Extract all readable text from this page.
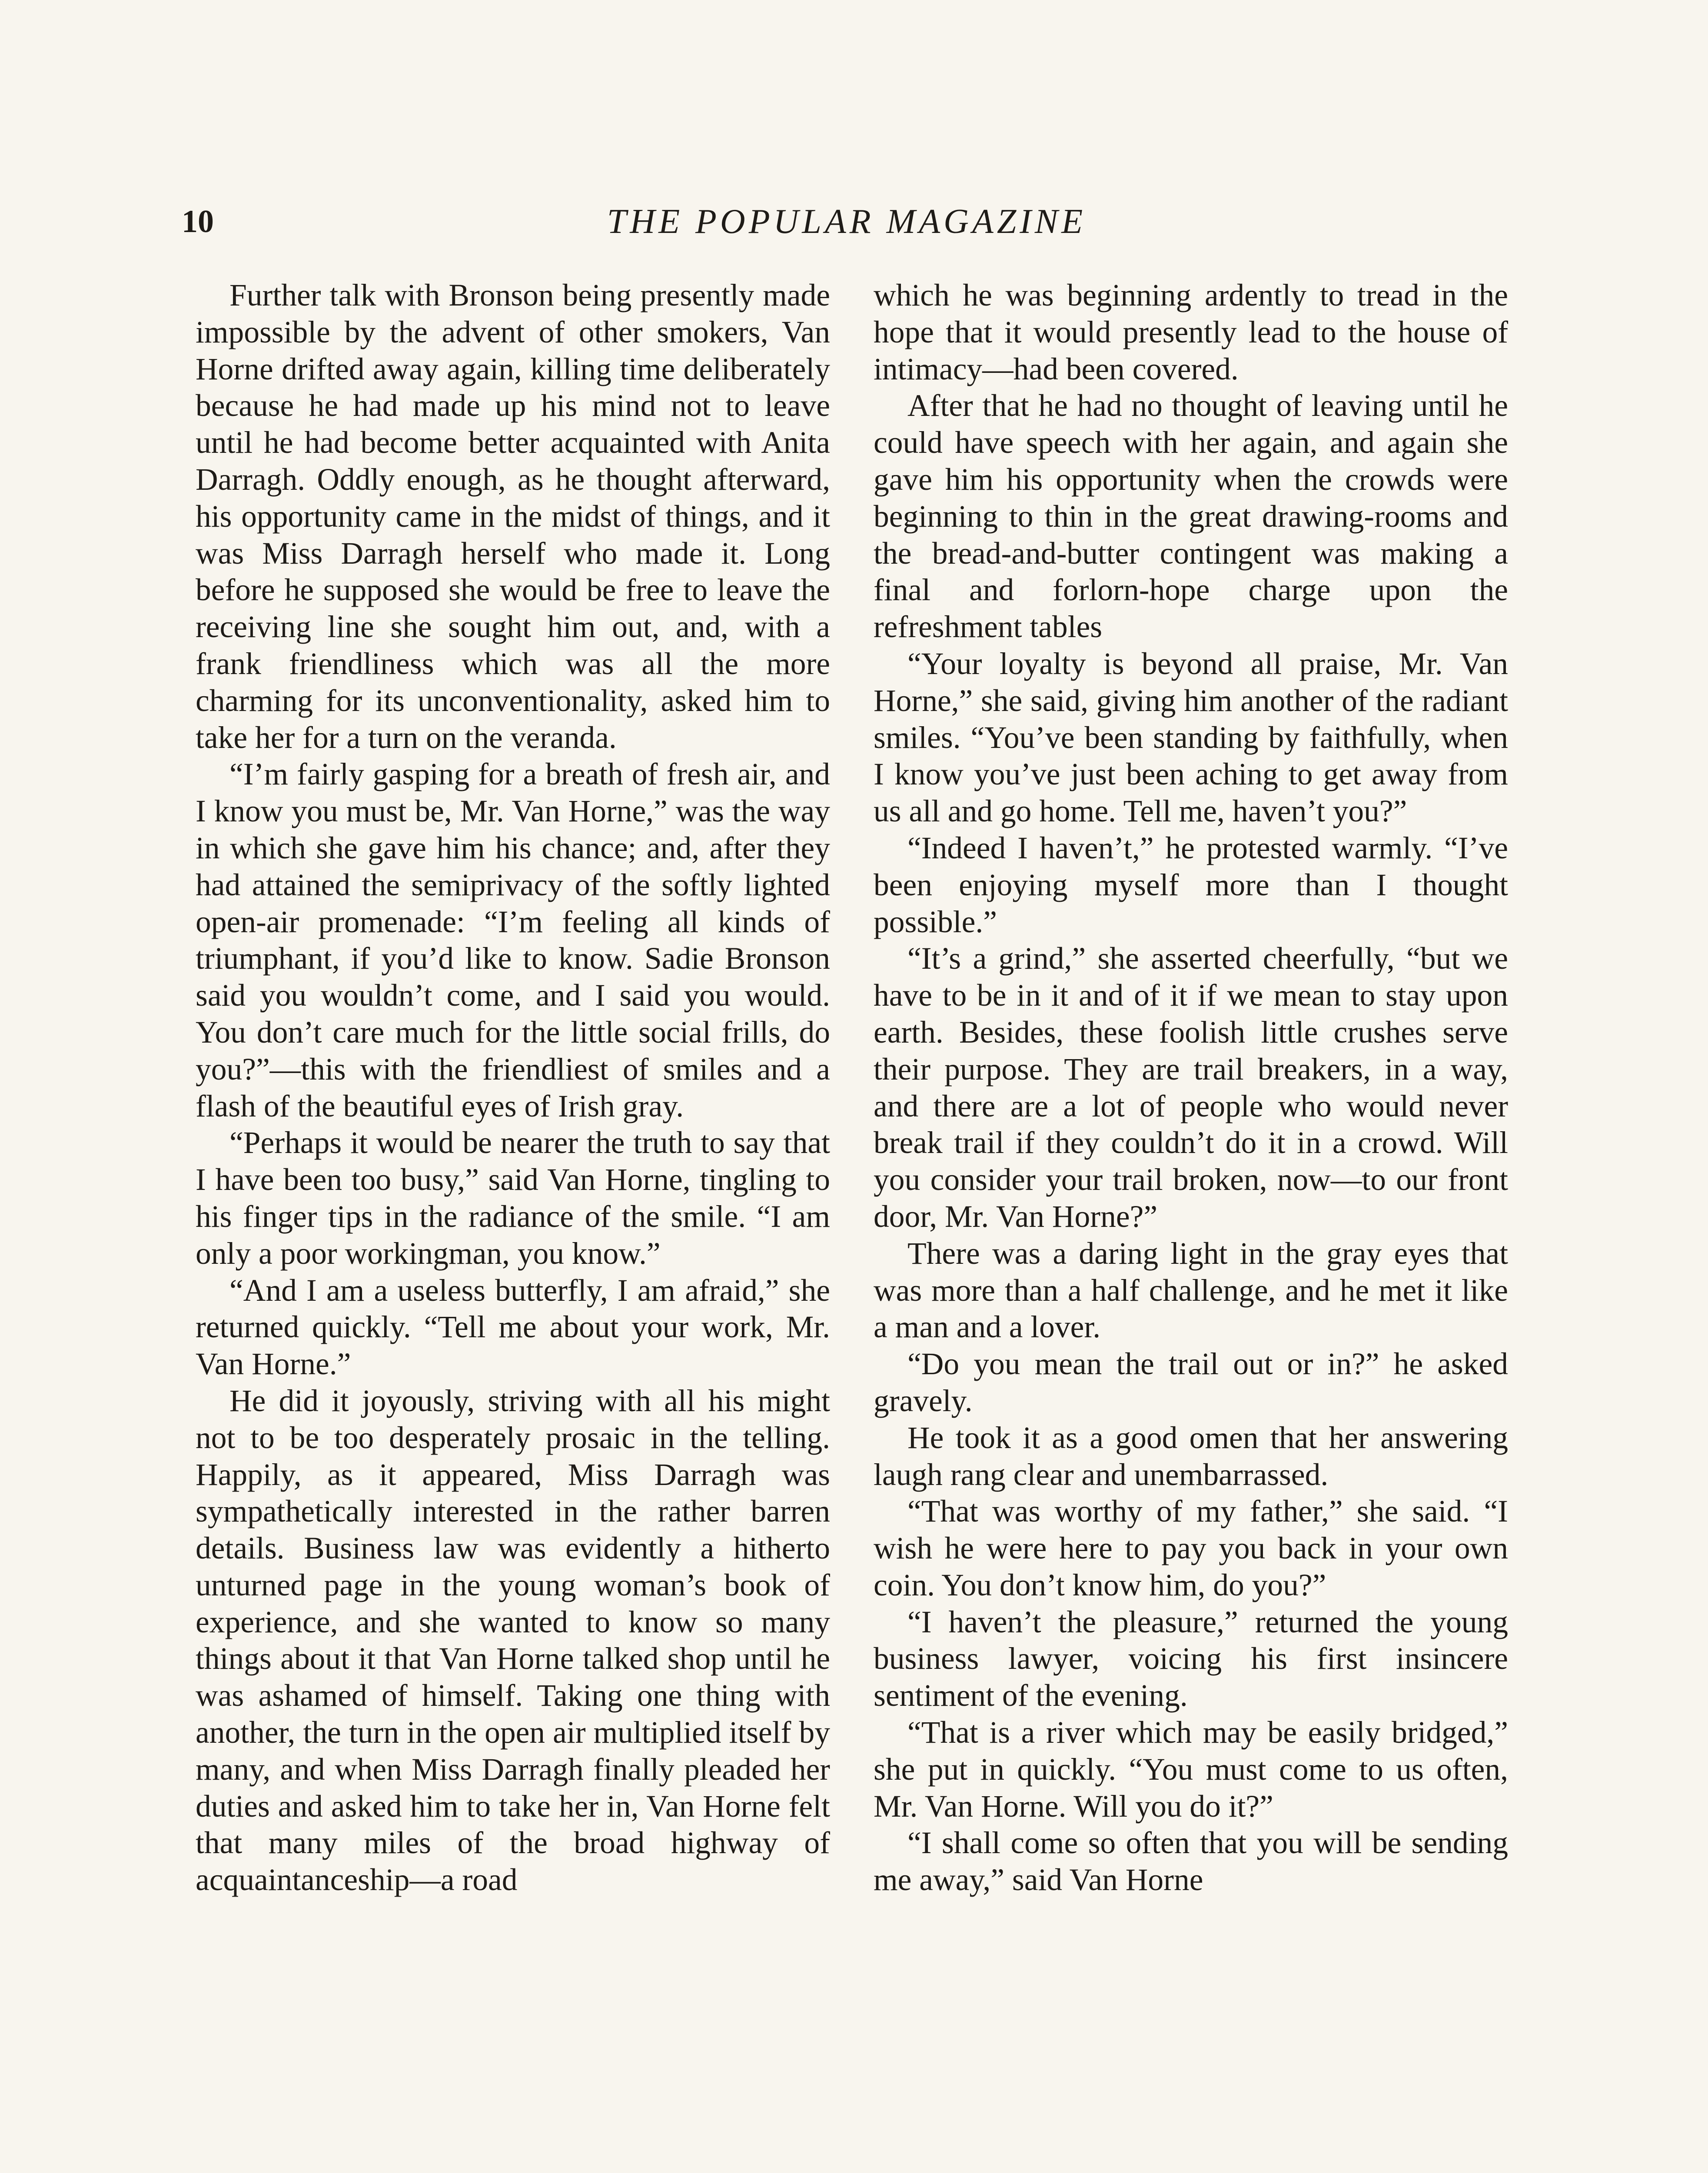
10	THE POPULAR MAGAZINE

Further talk with Bronson being presently made impossible by the advent of other smokers, Van Horne drifted away again, killing time deliberately because he had made up his mind not to leave until he had become better acquainted with Anita Darragh. Oddly enough, as he thought afterward, his opportunity came in the midst of things, and it was Miss Darragh herself who made it. Long before he supposed she would be free to leave the receiving line she sought him out, and, with a frank friendliness which was all the more charming for its unconventionality, asked him to take her for a turn on the veranda.

“I’m fairly gasping for a breath of fresh air, and I know you must be, Mr. Van Horne,” was the way in which she gave him his chance; and, after they had attained the semiprivacy of the softly lighted open-air promenade: “I’m feeling all kinds of triumphant, if you’d like to know. Sadie Bronson said you wouldn’t come, and I said you would. You don’t care much for the little social frills, do you?”—this with the friendliest of smiles and a flash of the beautiful eyes of Irish gray.

“Perhaps it would be nearer the truth to say that I have been too busy,” said Van Horne, tingling to his finger tips in the radiance of the smile. “I am only a poor workingman, you know.”

“And I am a useless butterfly, I am afraid,” she returned quickly. “Tell me about your work, Mr. Van Horne.”

He did it joyously, striving with all his might not to be too desperately prosaic in the telling. Happily, as it appeared, Miss Darragh was sympathetically interested in the rather barren details. Business law was evidently a hitherto unturned page in the young woman’s book of experience, and she wanted to know so many things about it that Van Horne talked shop until he was ashamed of himself. Taking one thing with another, the turn in the open air multiplied itself by many, and when Miss Darragh finally pleaded her duties and asked him to take her in, Van Horne felt that many miles of the broad highway of acquaintanceship—a road

which he was beginning ardently to tread in the hope that it would presently lead to the house of intimacy—had been covered.

After that he had no thought of leaving until he could have speech with her again, and again she gave him his opportunity when the crowds were beginning to thin in the great drawing-rooms and the bread-and-butter contingent was making a final and forlorn-hope charge upon the refreshment tables

“Your loyalty is beyond all praise, Mr. Van Horne,” she said, giving him another of the radiant smiles. “You’ve been standing by faithfully, when I know you’ve just been aching to get away from us all and go home. Tell me, haven’t you?”

“Indeed I haven’t,” he protested warmly. “I’ve been enjoying myself more than I thought possible.”

“It’s a grind,” she asserted cheerfully, “but we have to be in it and of it if we mean to stay upon earth. Besides, these foolish little crushes serve their purpose. They are trail breakers, in a way, and there are a lot of people who would never break trail if they couldn’t do it in a crowd. Will you consider your trail broken, now—to our front door, Mr. Van Horne?”

There was a daring light in the gray eyes that was more than a half challenge, and he met it like a man and a lover.

“Do you mean the trail out or in?” he asked gravely.

He took it as a good omen that her answering laugh rang clear and unembarrassed.

“That was worthy of my father,” she said. “I wish he were here to pay you back in your own coin. You don’t know him, do you?”

“I haven’t the pleasure,” returned the young business lawyer, voicing his first insincere sentiment of the evening.

“That is a river which may be easily bridged,” she put in quickly. “You must come to us often, Mr. Van Horne. Will you do it?”

“I shall come so often that you will be sending me away,” said Van Horne
